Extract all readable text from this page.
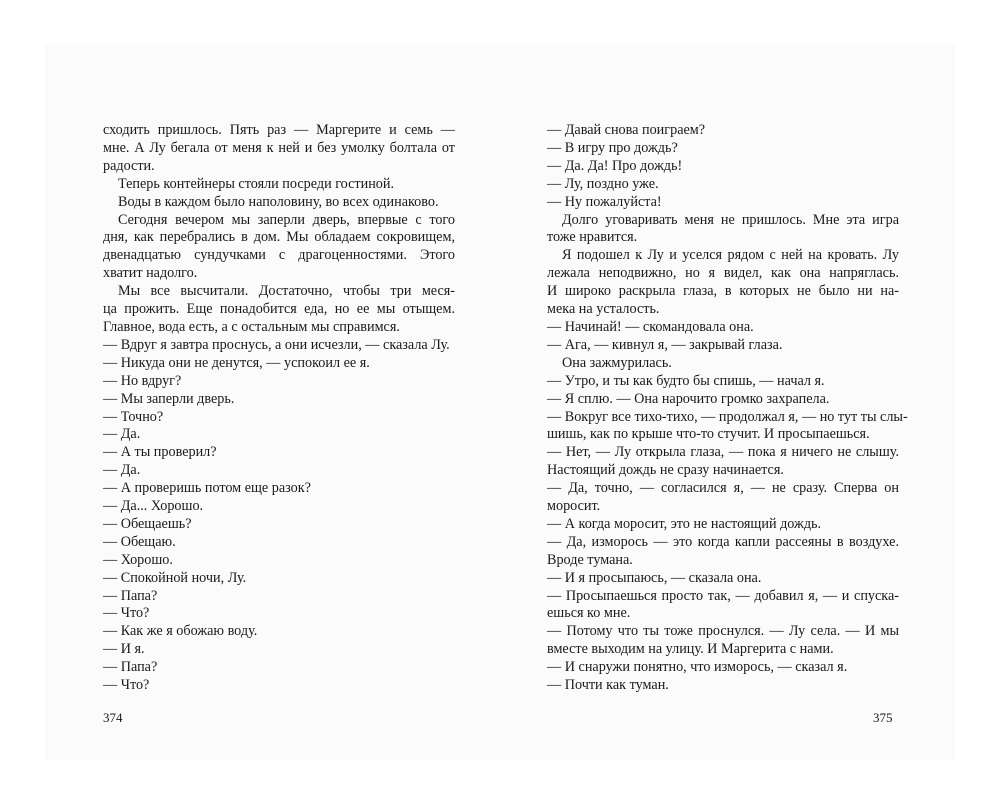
сходить пришлось. Пять раз — Маргерите и семь —
мне. А Лу бегала от меня к ней и без умолку болтала от
радости.
Теперь контейнеры стояли посреди гостиной.
Воды в каждом было наполовину, во всех одинаково.
Сегодня вечером мы заперли дверь, впервые с того
дня, как перебрались в дом. Мы обладаем сокровищем,
двенадцатью сундучками с драгоценностями. Этого
хватит надолго.
Мы все высчитали. Достаточно, чтобы три меся-
ца прожить. Еще понадобится еда, но ее мы отыщем.
Главное, вода есть, а с остальным мы справимся.
— Вдруг я завтра проснусь, а они исчезли, — сказала Лу.
— Никуда они не денутся, — успокоил ее я.
— Но вдруг?
— Мы заперли дверь.
— Точно?
— Да.
— А ты проверил?
— Да.
— А проверишь потом еще разок?
— Да... Хорошо.
— Обещаешь?
— Обещаю.
— Хорошо.
— Спокойной ночи, Лу.
— Папа?
— Что?
— Как же я обожаю воду.
— И я.
— Папа?
— Что?
374
— Давай снова поиграем?
— В игру про дождь?
— Да. Да! Про дождь!
— Лу, поздно уже.
— Ну пожалуйста!
Долго уговаривать меня не пришлось. Мне эта игра
тоже нравится.
Я подошел к Лу и уселся рядом с ней на кровать. Лу
лежала неподвижно, но я видел, как она напряглась.
И широко раскрыла глаза, в которых не было ни на-
мека на усталость.
— Начинай! — скомандовала она.
— Ага, — кивнул я, — закрывай глаза.
Она зажмурилась.
— Утро, и ты как будто бы спишь, — начал я.
— Я сплю. — Она нарочито громко захрапела.
— Вокруг все тихо-тихо, — продолжал я, — но тут ты слы-
шишь, как по крыше что-то стучит. И просыпаешься.
— Нет, — Лу открыла глаза, — пока я ничего не слышу.
Настоящий дождь не сразу начинается.
— Да, точно, — согласился я, — не сразу. Сперва он
моросит.
— А когда моросит, это не настоящий дождь.
— Да, изморось — это когда капли рассеяны в воздухе.
Вроде тумана.
— И я просыпаюсь, — сказала она.
— Просыпаешься просто так, — добавил я, — и спуска-
ешься ко мне.
— Потому что ты тоже проснулся. — Лу села. — И мы
вместе выходим на улицу. И Маргерита с нами.
— И снаружи понятно, что изморось, — сказал я.
— Почти как туман.
375
